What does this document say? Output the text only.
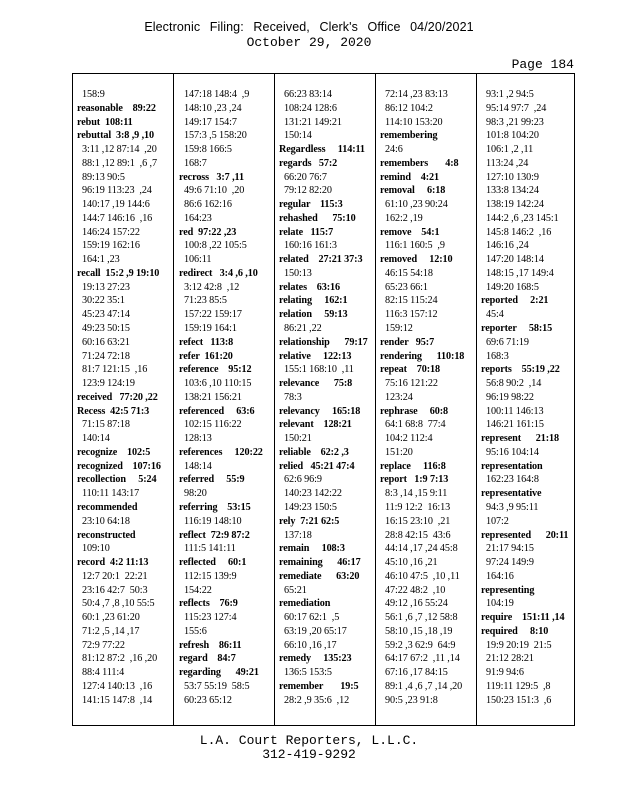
Electronic Filing: Received, Clerk's Office 04/20/2021
October 29, 2020
Page 184
158:9
reasonable    89:22
rebut  108:11
rebuttal  3:8 ,9 ,10
3:11 ,12 87:14  ,20
88:1 ,12 89:1  ,6 ,7
89:13 90:5
96:19 113:23  ,24
140:17 ,19 144:6
144:7 146:16  ,16
146:24 157:22
159:19 162:16
164:1 ,23
recall  15:2 ,9 19:10
19:13 27:23
30:22 35:1
45:23 47:14
49:23 50:15
60:16 63:21
71:24 72:18
81:7 121:15  ,16
123:9 124:19
received   77:20 ,22
Recess  42:5 71:3
71:15 87:18
140:14
recognize    102:5
recognized    107:16
recollection     5:24
110:11 143:17
recommended
23:10 64:18
reconstructed
109:10
record  4:2 11:13
12:7 20:1  22:21
23:16 42:7  50:3
50:4 ,7 ,8 ,10 55:5
60:1 ,23 61:20
71:2 ,5 ,14 ,17
72:9 77:22
81:12 87:2  ,16 ,20
88:4 111:4
127:4 140:13  ,16
141:15 147:8  ,14
147:18 148:4  ,9
148:10 ,23 ,24
149:17 154:7
157:3 ,5 158:20
159:8 166:5
168:7
recross   3:7 ,11
49:6 71:10  ,20
86:6 162:16
164:23
red  97:22 ,23
100:8 ,22 105:5
106:11
redirect   3:4 ,6 ,10
3:12 42:8  ,12
71:23 85:5
157:22 159:17
159:19 164:1
refect   113:8
refer  161:20
reference    95:12
103:6 ,10 110:15
138:21 156:21
referenced     63:6
102:15 116:22
128:13
references     120:22
148:14
referred     55:9
98:20
referring    53:15
116:19 148:10
reflect  72:9 87:2
111:5 141:11
reflected     60:1
112:15 139:9
154:22
reflects    76:9
115:23 127:4
155:6
refresh    86:11
regard    84:7
regarding      49:21
53:7 55:19  58:5
60:23 65:12
66:23 83:14
108:24 128:6
131:21 149:21
150:14
Regardless     114:11
regards   57:2
66:20 76:7
79:12 82:20
regular    115:3
rehashed      75:10
relate   115:7
160:16 161:3
related    27:21 37:3
150:13
relates    63:16
relating     162:1
relation     59:13
86:21 ,22
relationship      79:17
relative     122:13
155:1 168:10  ,11
relevance      75:8
78:3
relevancy     165:18
relevant    128:21
150:21
reliable    62:2 ,3
relied   45:21 47:4
62:6 96:9
140:23 142:22
149:23 150:5
rely  7:21 62:5
137:18
remain     108:3
remaining      46:17
remediate      63:20
65:21
remediation
60:17 62:1  ,5
63:19 ,20 65:17
66:10 ,16 ,17
remedy     135:23
136:5 153:5
remember       19:5
28:2 ,9 35:6  ,12
72:14 ,23 83:13
86:12 104:2
114:10 153:20
remembering
24:6
remembers       4:8
remind    4:21
removal     6:18
61:10 ,23 90:24
162:2 ,19
remove    54:1
116:1 160:5  ,9
removed     12:10
46:15 54:18
65:23 66:1
82:15 115:24
116:3 157:12
159:12
render   95:7
rendering      110:18
repeat    70:18
75:16 121:22
123:24
rephrase     60:8
64:1 68:8  77:4
104:2 112:4
151:20
replace     116:8
report   1:9 7:13
8:3 ,14 ,15 9:11
11:9 12:2  16:13
16:15 23:10  ,21
28:8 42:15  43:6
44:14 ,17 ,24 45:8
45:10 ,16 ,21
46:10 47:5  ,10 ,11
47:22 48:2  ,10
49:12 ,16 55:24
56:1 ,6 ,7 ,12 58:8
58:10 ,15 ,18 ,19
59:2 ,3 62:9  64:9
64:17 67:2  ,11 ,14
67:16 ,17 84:15
89:1 ,4 ,6 ,7 ,14 ,20
90:5 ,23 91:8
93:1 ,2 94:5
95:14 97:7  ,24
98:3 ,21 99:23
101:8 104:20
106:1 ,2 ,11
113:24 ,24
127:10 130:9
133:8 134:24
138:19 142:24
144:2 ,6 ,23 145:1
145:8 146:2  ,16
146:16 ,24
147:20 148:14
148:15 ,17 149:4
149:20 168:5
reported     2:21
45:4
reporter     58:15
69:6 71:19
168:3
reports    55:19 ,22
56:8 90:2  ,14
96:19 98:22
100:11 146:13
146:21 161:15
represent      21:18
95:16 104:14
representation
162:23 164:8
representative
94:3 ,9 95:11
107:2
represented      20:11
21:17 94:15
97:24 149:9
164:16
representing
104:19
require    151:11 ,14
required     8:10
19:9 20:19  21:5
21:12 28:21
91:9 94:6
119:11 129:5  ,8
150:23 151:3  ,6
L.A. Court Reporters, L.L.C.
312-419-9292
